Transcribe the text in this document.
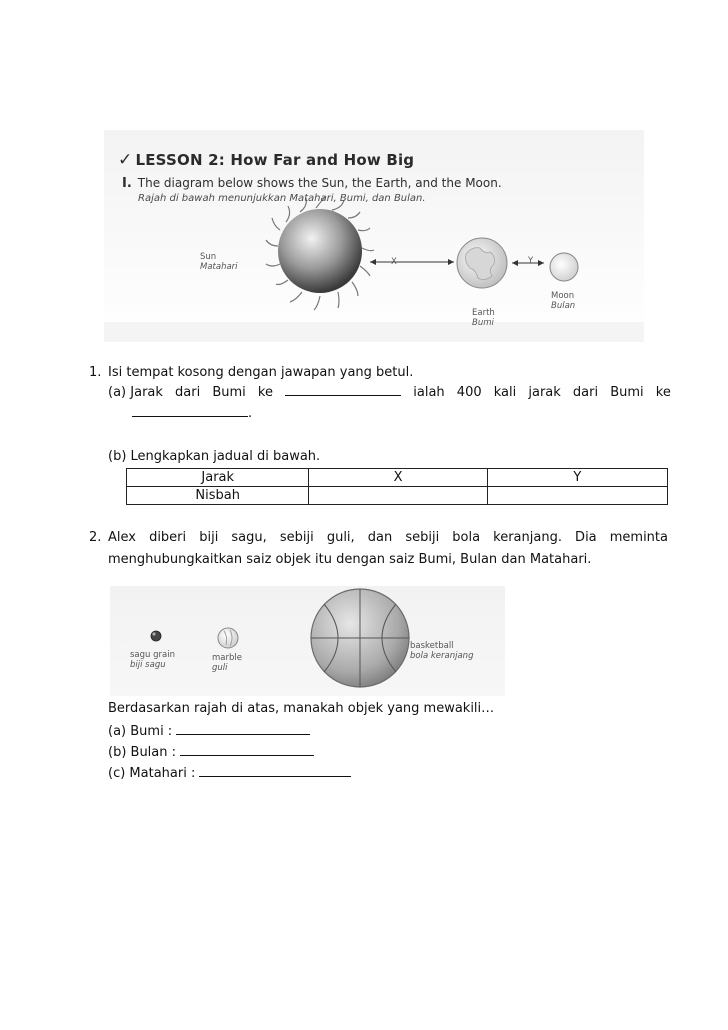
✓ LESSON 2: How Far and How Big
I. The diagram below shows the Sun, the Earth, and the Moon.
Rajah di bawah menunjukkan Matahari, Bumi, dan Bulan.
Sun
Matahari	X	Y
Earth
Bumi
Moon
Bulan
1. Isi tempat kosong dengan jawapan yang betul.
(a) Jarak dari Bumi ke	ialah 400 kali jarak dari Bumi ke
.
(b) Lengkapkan jadual di bawah.
Jarak	X	Y
Nisbah		
2. Alex diberi biji sagu, sebiji guli, dan sebiji bola keranjang. Dia meminta
menghubungkaitkan saiz objek itu dengan saiz Bumi, Bulan dan Matahari.
sagu grain
biji sagu
marble
guli
basketball
bola keranjang
Berdasarkan rajah di atas, manakah objek yang mewakili…
(a) Bumi :
(b) Bulan :
(c) Matahari :
